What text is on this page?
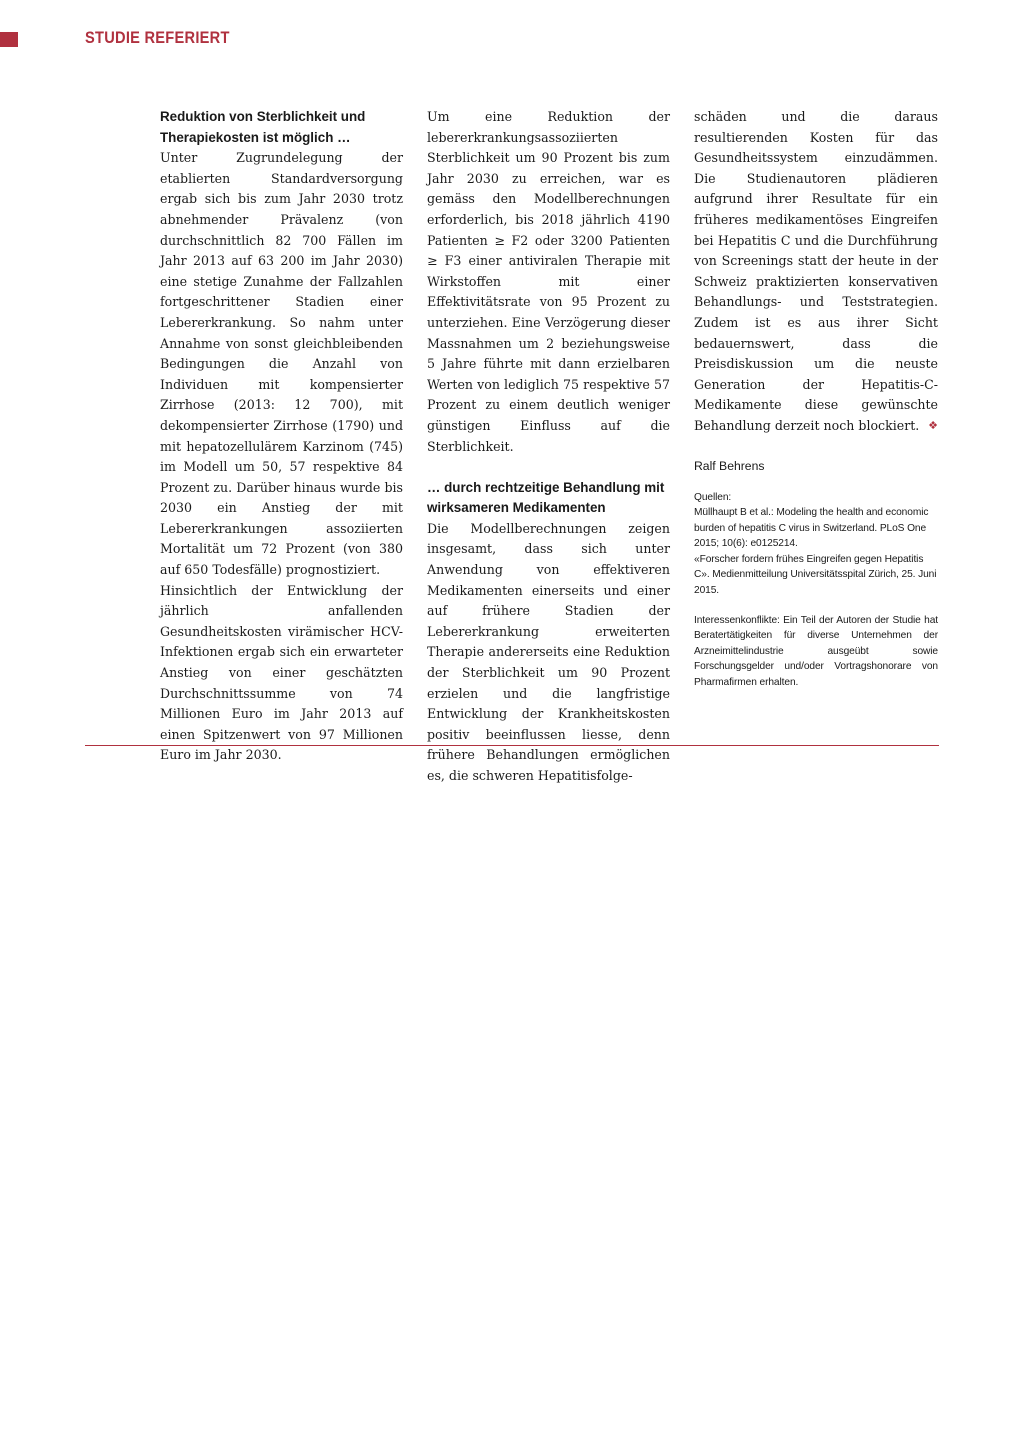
STUDIE REFERIERT
Reduktion von Sterblichkeit und Therapiekosten ist möglich …

Unter Zugrundelegung der etablierten Standardversorgung ergab sich bis zum Jahr 2030 trotz abnehmender Prävalenz (von durchschnittlich 82 700 Fällen im Jahr 2013 auf 63 200 im Jahr 2030) eine stetige Zunahme der Fallzahlen fortgeschrittener Stadien einer Lebererkrankung. So nahm unter Annahme von sonst gleichbleibenden Bedingungen die Anzahl von Individuen mit kompensierter Zirrhose (2013: 12 700), mit dekompensierter Zirrhose (1790) und mit hepatozellulärem Karzinom (745) im Modell um 50, 57 respektive 84 Prozent zu. Darüber hinaus wurde bis 2030 ein Anstieg der mit Lebererkrankungen assoziierten Mortalität um 72 Prozent (von 380 auf 650 Todesfälle) prognostiziert.

Hinsichtlich der Entwicklung der jährlich anfallenden Gesundheitskosten virämischer HCV-Infektionen ergab sich ein erwarteter Anstieg von einer geschätzten Durchschnittssumme von 74 Millionen Euro im Jahr 2013 auf einen Spitzenwert von 97 Millionen Euro im Jahr 2030.

Um eine Reduktion der lebererkrankungsassoziierten Sterblichkeit um 90 Prozent bis zum Jahr 2030 zu erreichen, war es gemäss den Modellberechnungen erforderlich, bis 2018 jährlich 4190 Patienten ≥ F2 oder 3200 Patienten ≥ F3 einer antiviralen Therapie mit Wirkstoffen mit einer Effektivitätsrate von 95 Prozent zu unterziehen. Eine Verzögerung dieser Massnahmen um 2 beziehungsweise 5 Jahre führte mit dann erzielbaren Werten von lediglich 75 respektive 57 Prozent zu einem deutlich weniger günstigen Einfluss auf die Sterblichkeit.

… durch rechtzeitige Behandlung mit wirksameren Medikamenten

Die Modellberechnungen zeigen insgesamt, dass sich unter Anwendung von effektiveren Medikamenten einerseits und einer auf frühere Stadien der Lebererkrankung erweiterten Therapie andererseits eine Reduktion der Sterblichkeit um 90 Prozent erzielen und die langfristige Entwicklung der Krankheitskosten positiv beeinflussen liesse, denn frühere Behandlungen ermöglichen es, die schweren Hepatitisfolge-

schäden und die daraus resultierenden Kosten für das Gesundheitssystem einzudämmen. Die Studienautoren plädieren aufgrund ihrer Resultate für ein früheres medikamentöses Eingreifen bei Hepatitis C und die Durchführung von Screenings statt der heute in der Schweiz praktizierten konservativen Behandlungs- und Teststrategien. Zudem ist es aus ihrer Sicht bedauernswert, dass die Preisdiskussion um die neuste Generation der Hepatitis-C-Medikamente diese gewünschte Behandlung derzeit noch blockiert. ❖

Ralf Behrens
Quellen:
Müllhaupt B et al.: Modeling the health and economic burden of hepatitis C virus in Switzerland. PLoS One 2015; 10(6): e0125214.
«Forscher fordern frühes Eingreifen gegen Hepatitis C». Medienmitteilung Universitätsspital Zürich, 25. Juni 2015.
Interessenkonflikte: Ein Teil der Autoren der Studie hat Beratertätigkeiten für diverse Unternehmen der Arzneimittelindustrie ausgeübt sowie Forschungsgelder und/oder Vortragshonorare von Pharmafirmen erhalten.
